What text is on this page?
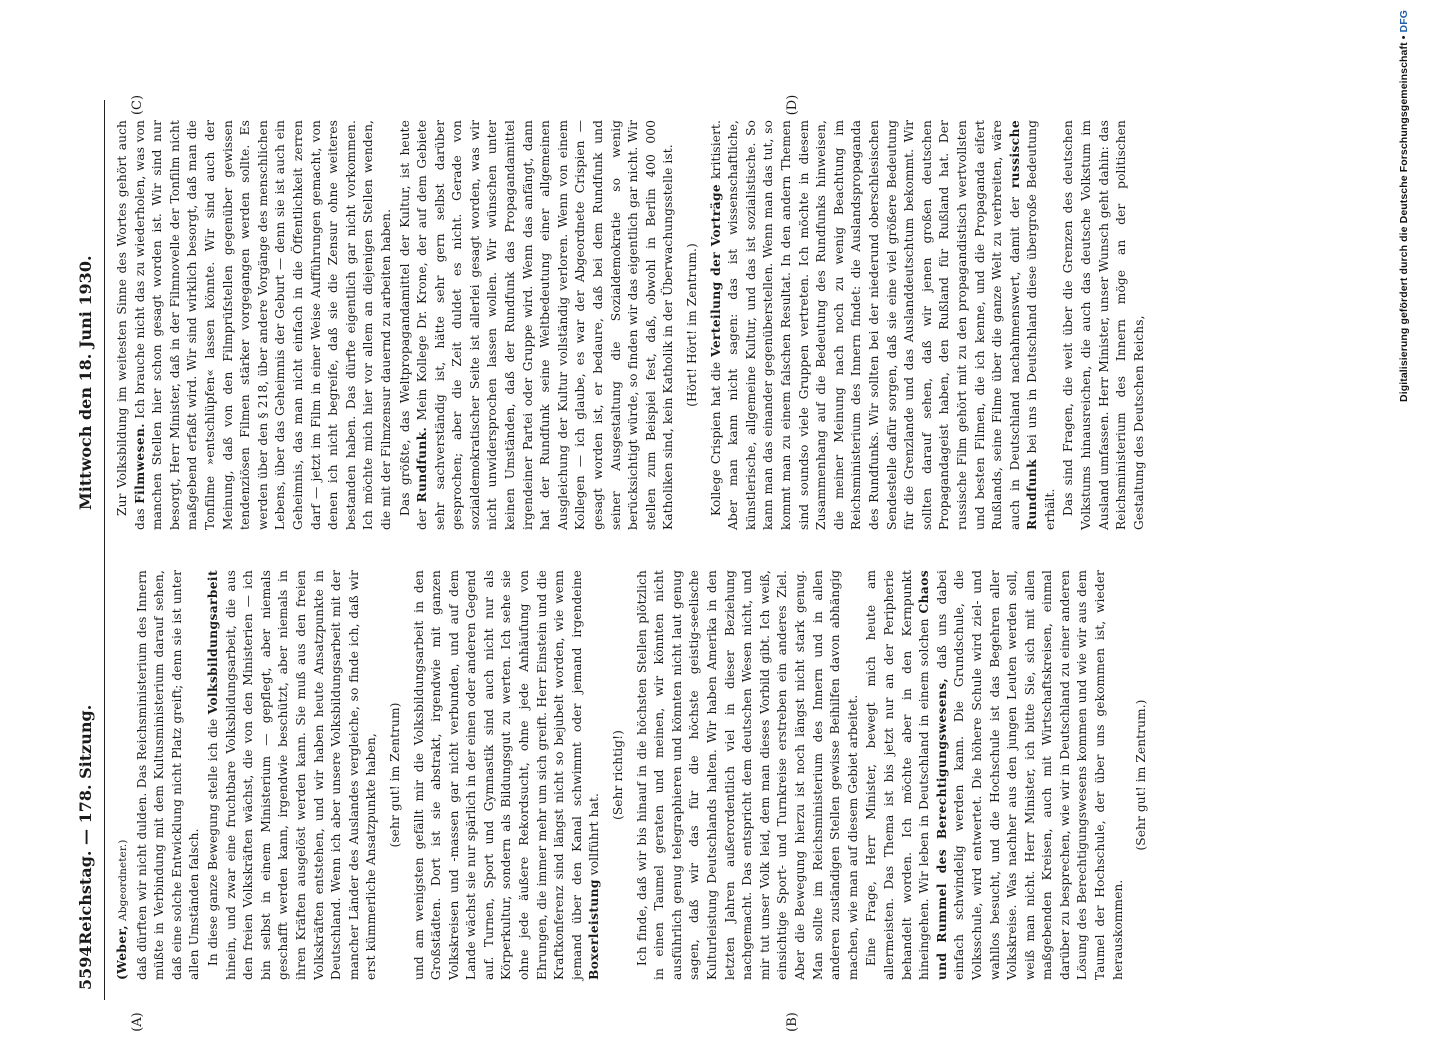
5594
Reichstag. — 178. Sitzung.
Mittwoch den 18. Juni 1930.
(A)	(B)
(C)	(D)

(Weber, Abgeordneter.) daß dürften wir nicht dulden. Das Reichsministerium des Innern müßte in Verbindung mit dem Kultusministerium darauf sehen, daß eine solche Entwicklung nicht Platz greift; denn sie ist unter allen Umständen falsch. In diese ganze Bewegung stelle ich die Volksbildungsarbeit hinein, und zwar eine fruchtbare Volksbildungsarbeit, die aus den freien Volkskräften wächst, die von den Ministerien — ich bin selbst in einem Ministerium — gepflegt, aber niemals geschafft werden kann, irgendwie beschützt, aber niemals in ihren Kräften ausgelöst werden kann. Sie muß aus den freien Volkskräften entstehen, und wir haben heute Ansatzpunkte in Deutschland. Wenn ich aber unsere Volksbildungsarbeit mit der mancher Länder des Auslandes vergleiche, so finde ich, daß wir erst kümmerliche Ansatzpunkte haben, (sehr gut! im Zentrum) und am wenigsten gefällt mir die Volksbildungsarbeit in den Großstädten. Dort ist sie abstrakt, irgendwie mit ganzen Volkskreisen und -massen gar nicht verbunden, und auf dem Lande wächst sie nur spärlich in der einen oder anderen Gegend auf. Turnen, Sport und Gymnastik sind auch nicht nur als Körperkultur, sondern als Bildungsgut zu werten. Ich sehe sie ohne jede äußere Rekordsucht, ohne jede Anhäufung von Ehrungen, die immer mehr um sich greift. Herr Einstein und die Kraftkonferenz sind längst nicht so bejubelt worden, wie wenn jemand über den Kanal schwimmt oder jemand irgendeine Boxerleistung vollführt hat.

(Sehr richtig!) Ich finde, daß wir bis hinauf in die höchsten Stellen plötzlich in einen Taumel geraten und meinen, wir könnten nicht ausführlich genug telegraphieren und könnten nicht laut genug sagen, daß wir das für die höchste geistig-seelische Kulturleistung Deutschlands halten. Wir haben Amerika in den letzten Jahren außerordentlich viel in dieser Beziehung nachgemacht. Das entspricht dem deutschen Wesen nicht, und mir tut unser Volk leid, dem man dieses Vorbild gibt. Ich weiß, einsichtige Sport- und Turnkreise erstreben ein anderes Ziel. Aber die Bewegung hierzu ist noch längst nicht stark genug. Man sollte im Reichsministerium des Innern und in allen anderen zuständigen Stellen gewisse Beihilfen davon abhängig machen, wie man auf diesem Gebiet arbeitet. Eine Frage, Herr Minister, bewegt mich heute am allermeisten. Das Thema ist bis jetzt nur an der Peripherie behandelt worden. Ich möchte aber in den Kernpunkt hineingehen. Wir leben in Deutschland in einem solchen Chaos und Rummel des Berechtigungswesens, daß uns dabei einfach schwindelig werden kann. Die Grundschule, die Volksschule, wird entwertet. Die höhere Schule wird ziel- und wahllos besucht, und die Hochschule ist das Begehren aller Volkskreise. Was nachher aus den jungen Leuten werden soll, weiß man nicht. Herr Minister, ich bitte Sie, sich mit allen maßgebenden Kreisen, auch mit Wirtschaftskreisen, einmal darüber zu besprechen, wie wir in Deutschland zu einer anderen Lösung des Berechtigungswesens kommen und wie wir aus dem Taumel der Hochschule, der über uns gekommen ist, wieder herauskommen.

(Sehr gut! im Zentrum.)

Zur Volksbildung im weitesten Sinne des Wortes gehört auch das Filmwesen. Ich brauche nicht das zu wiederholen, was von manchen Stellen hier schon gesagt worden ist. Wir sind nur besorgt, Herr Minister, daß in der Filmnovelle der Tonfilm nicht maßgebend erfaßt wird. Wir sind wirklich besorgt, daß man die Tonfilme »entschlüpfen« lassen könnte. Wir sind auch der Meinung, daß von den Filmprüfstellen gegenüber gewissen tendenziösen Filmen stärker vorgegangen werden sollte. Es werden über den § 218, über andere Vorgänge des menschlichen Lebens, über das Geheimnis der Geburt — denn sie ist auch ein Geheimnis, das man nicht einfach in die Öffentlichkeit zerren darf — jetzt im Film in einer Weise Aufführungen gemacht, von denen ich nicht begreife, daß sie die Zensur ohne weiteres bestanden haben. Das dürfte eigentlich gar nicht vorkommen. Ich möchte mich hier vor allem an diejenigen Stellen wenden, die mit der Filmzensur dauernd zu arbeiten haben. Das größte, das Weltpropagandamittel der Kultur, ist heute der Rundfunk. Mein Kollege Dr. Krone, der auf dem Gebiete sehr sachverständig ist, hätte sehr gern selbst darüber gesprochen; aber die Zeit duldet es nicht. Gerade von sozialdemokratischer Seite ist allerlei gesagt worden, was wir nicht unwidersprochen lassen wollen. Wir wünschen unter keinen Umständen, daß der Rundfunk das Propagandamittel irgendeiner Partei oder Gruppe wird. Wenn das anfängt, dann hat der Rundfunk seine Weltbedeutung einer allgemeinen Ausgleichung der Kultur vollständig verloren. Wenn von einem Kollegen — ich glaube, es war der Abgeordnete Crispien — gesagt worden ist, er bedaure, daß bei dem Rundfunk und seiner Ausgestaltung die Sozialdemokratie so wenig berücksichtigt würde, so finden wir das eigentlich gar nicht. Wir stellen zum Beispiel fest, daß, obwohl in Berlin 400 000 Katholiken sind, kein Katholik in der Überwachungsstelle ist. (Hört! Hört! im Zentrum.)

Kollege Crispien hat die Verteilung der Vorträge kritisiert. Aber man kann nicht sagen: das ist wissenschaftliche, künstlerische, allgemeine Kultur, und das ist sozialistische. So kann man das einander gegenüberstellen. Wenn man das tut, so kommt man zu einem falschen Resultat. In den andern Themen sind soundso viele Gruppen vertreten. Ich möchte in diesem Zusammenhang auf die Bedeutung des Rundfunks hinweisen, die meiner Meinung nach noch zu wenig Beachtung im Reichsministerium des Innern findet: die Auslandspropaganda des Rundfunks. Wir sollten bei der niederund oberschlesischen Sendestelle dafür sorgen, daß sie eine viel größere Bedeutung für die Grenzlande und das Auslanddeutschtum bekommt. Wir sollten darauf sehen, daß wir jenen großen deutschen Propagandageist haben, den Rußland für Rußland hat. Der russische Film gehört mit zu den propagandistisch wertvollsten und besten Filmen, die ich kenne, und die Propaganda eifert Rußlands, seine Filme über die ganze Welt zu verbreiten, wäre auch in Deutschland nachahmenswert, damit der russische Rundfunk bei uns in Deutschland diese übergroße Bedeutung erhält. Das sind Fragen, die weit über die Grenzen des deutschen Volkstums hinausreichen, die auch das deutsche Volkstum im Ausland umfassen. Herr Minister, unser Wunsch geht dahin: das Reichsministerium des Innern möge an der politischen Gestaltung des Deutschen Reichs,

Digitalisierung gefördert durch die Deutsche Forschungsgemeinschaft • DFG
